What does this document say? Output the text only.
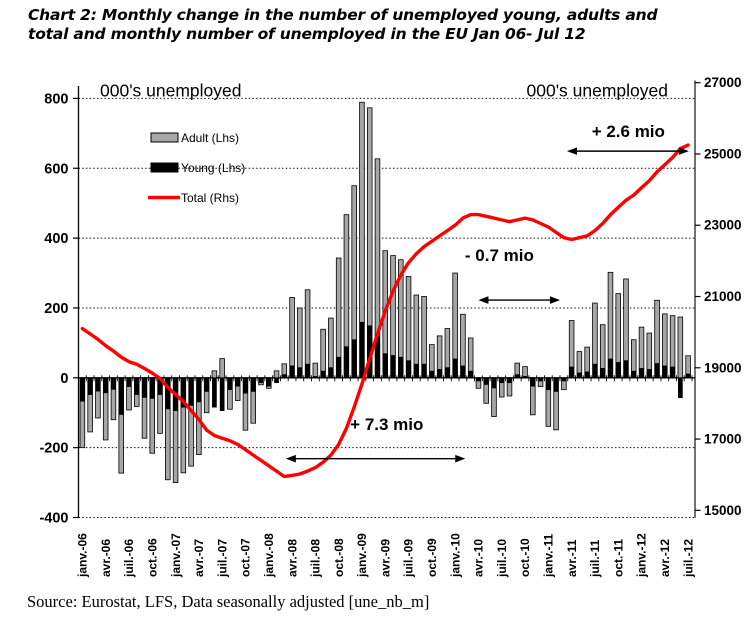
Chart 2: Monthly change in the number of unemployed young, adults and
total and monthly number of unemployed in the EU Jan 06- Jul 12
800
600
400
200
0
-200
-400
27000
25000
23000
21000
19000
17000
15000
000's unemployed	000's unemployed
janv.-06 avr.-06 juil.-06 oct.-06 janv.-07 avr.-07 juil.-07 oct.-07 janv.-08 avr.-08 juil.-08 oct.-08 janv.-09 avr.-09 juil.-09 oct.-09 janv.-10 avr.-10 juil.-10 oct.-10 janv.-11 avr.-11 juil.-11 oct.-11 janv.-12 avr.-12 juil.-12
+ 7.3 mio
- 0.7 mio
+ 2.6 mio
Adult (Lhs)
Young (Lhs)
Total (Rhs)
Source: Eurostat, LFS, Data seasonally adjusted [une_nb_m]
